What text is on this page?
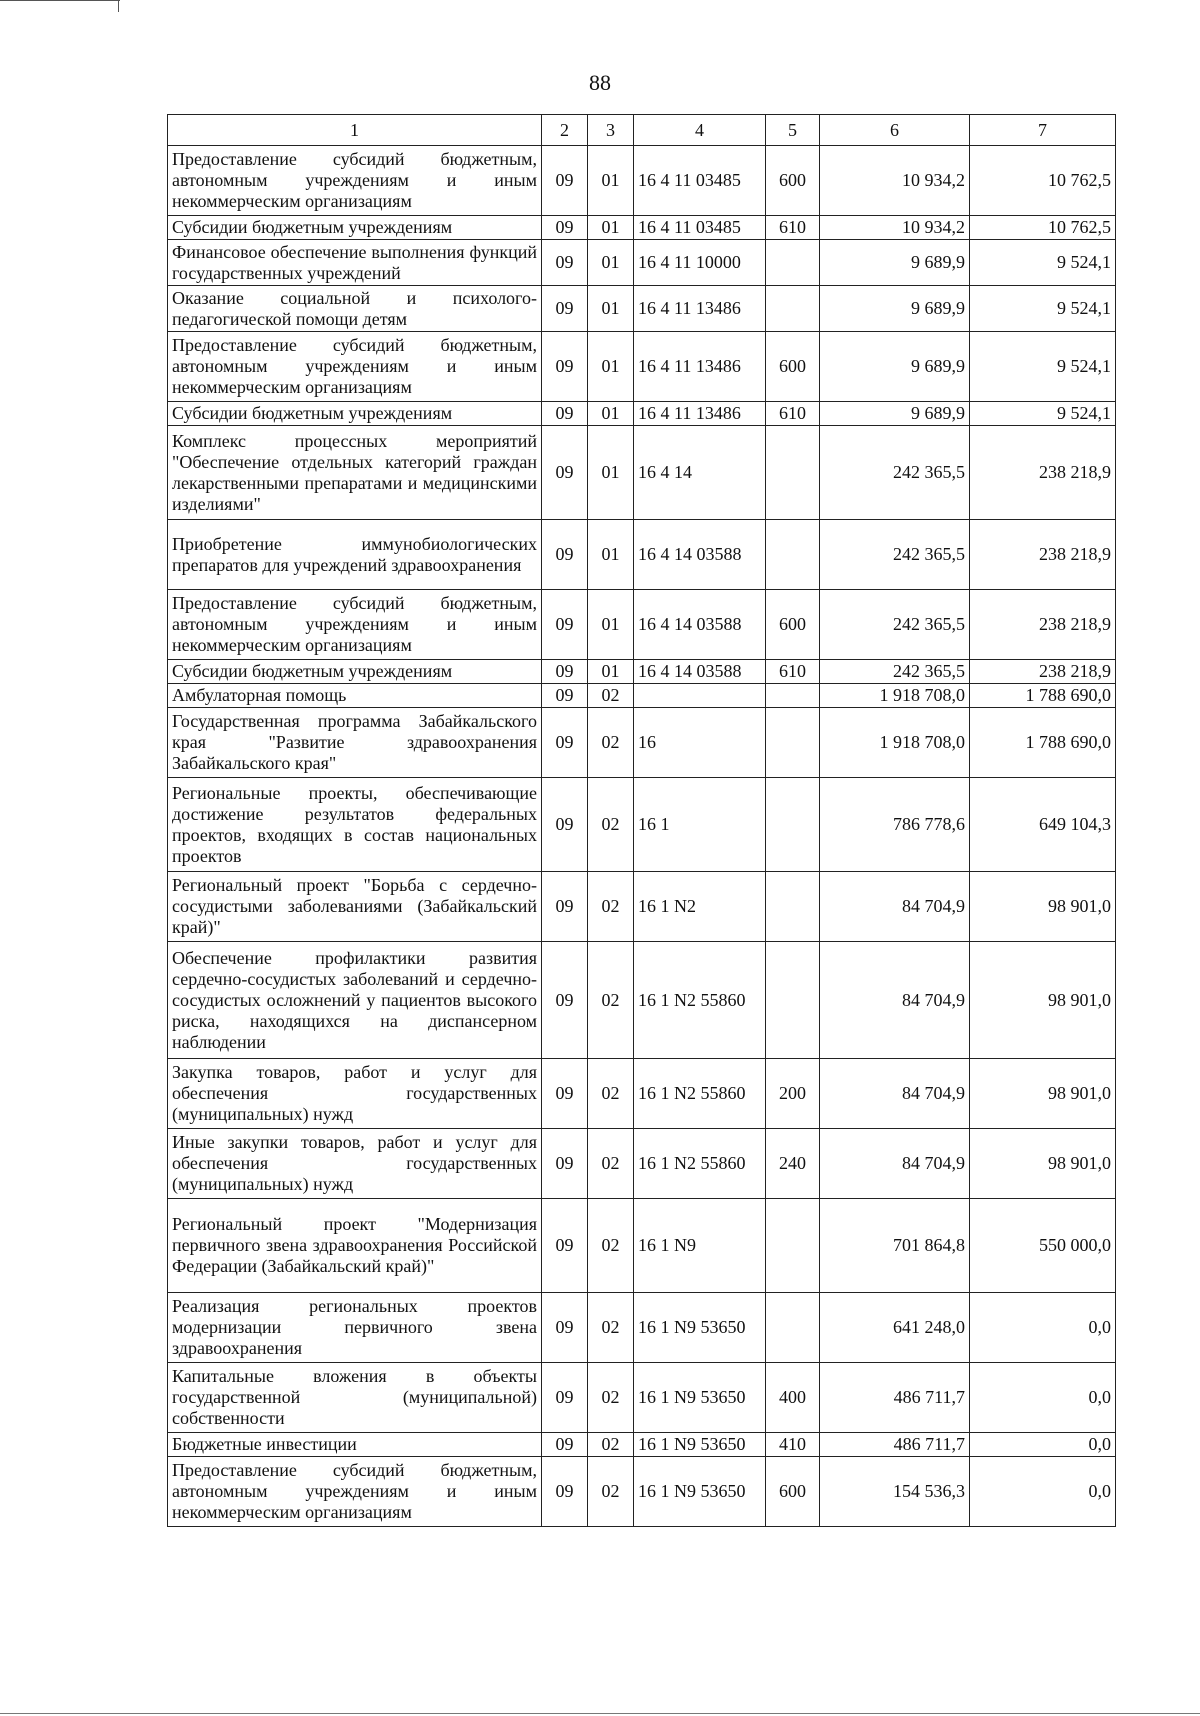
88
1	2	3	4	5	6	7
Предоставление субсидий бюджетным, автономным учреждениям и иным некоммерческим организациям	09	01	16 4 11 03485	600	10 934,2	10 762,5
Субсидии бюджетным учреждениям	09	01	16 4 11 03485	610	10 934,2	10 762,5
Финансовое обеспечение выполнения функций государственных учреждений	09	01	16 4 11 10000		9 689,9	9 524,1
Оказание социальной и психолого-педагогической помощи детям	09	01	16 4 11 13486		9 689,9	9 524,1
Предоставление субсидий бюджетным, автономным учреждениям и иным некоммерческим организациям	09	01	16 4 11 13486	600	9 689,9	9 524,1
Субсидии бюджетным учреждениям	09	01	16 4 11 13486	610	9 689,9	9 524,1
Комплекс процессных мероприятий "Обеспечение отдельных категорий граждан лекарственными препаратами и медицинскими изделиями"	09	01	16 4 14		242 365,5	238 218,9
Приобретение иммунобиологических препаратов для учреждений здравоохранения	09	01	16 4 14 03588		242 365,5	238 218,9
Предоставление субсидий бюджетным, автономным учреждениям и иным некоммерческим организациям	09	01	16 4 14 03588	600	242 365,5	238 218,9
Субсидии бюджетным учреждениям	09	01	16 4 14 03588	610	242 365,5	238 218,9
Амбулаторная помощь	09	02			1 918 708,0	1 788 690,0
Государственная программа Забайкальского края "Развитие здравоохранения Забайкальского края"	09	02	16		1 918 708,0	1 788 690,0
Региональные проекты, обеспечивающие достижение результатов федеральных проектов, входящих в состав национальных проектов	09	02	16 1		786 778,6	649 104,3
Региональный проект "Борьба с сердечно-сосудистыми заболеваниями (Забайкальский край)"	09	02	16 1 N2		84 704,9	98 901,0
Обеспечение профилактики развития сердечно-сосудистых заболеваний и сердечно-сосудистых осложнений у пациентов высокого риска, находящихся на диспансерном наблюдении	09	02	16 1 N2 55860		84 704,9	98 901,0
Закупка товаров, работ и услуг для обеспечения государственных (муниципальных) нужд	09	02	16 1 N2 55860	200	84 704,9	98 901,0
Иные закупки товаров, работ и услуг для обеспечения государственных (муниципальных) нужд	09	02	16 1 N2 55860	240	84 704,9	98 901,0
Региональный проект "Модернизация первичного звена здравоохранения Российской Федерации (Забайкальский край)"	09	02	16 1 N9		701 864,8	550 000,0
Реализация региональных проектов модернизации первичного звена здравоохранения	09	02	16 1 N9 53650		641 248,0	0,0
Капитальные вложения в объекты государственной (муниципальной) собственности	09	02	16 1 N9 53650	400	486 711,7	0,0
Бюджетные инвестиции	09	02	16 1 N9 53650	410	486 711,7	0,0
Предоставление субсидий бюджетным, автономным учреждениям и иным некоммерческим организациям	09	02	16 1 N9 53650	600	154 536,3	0,0
